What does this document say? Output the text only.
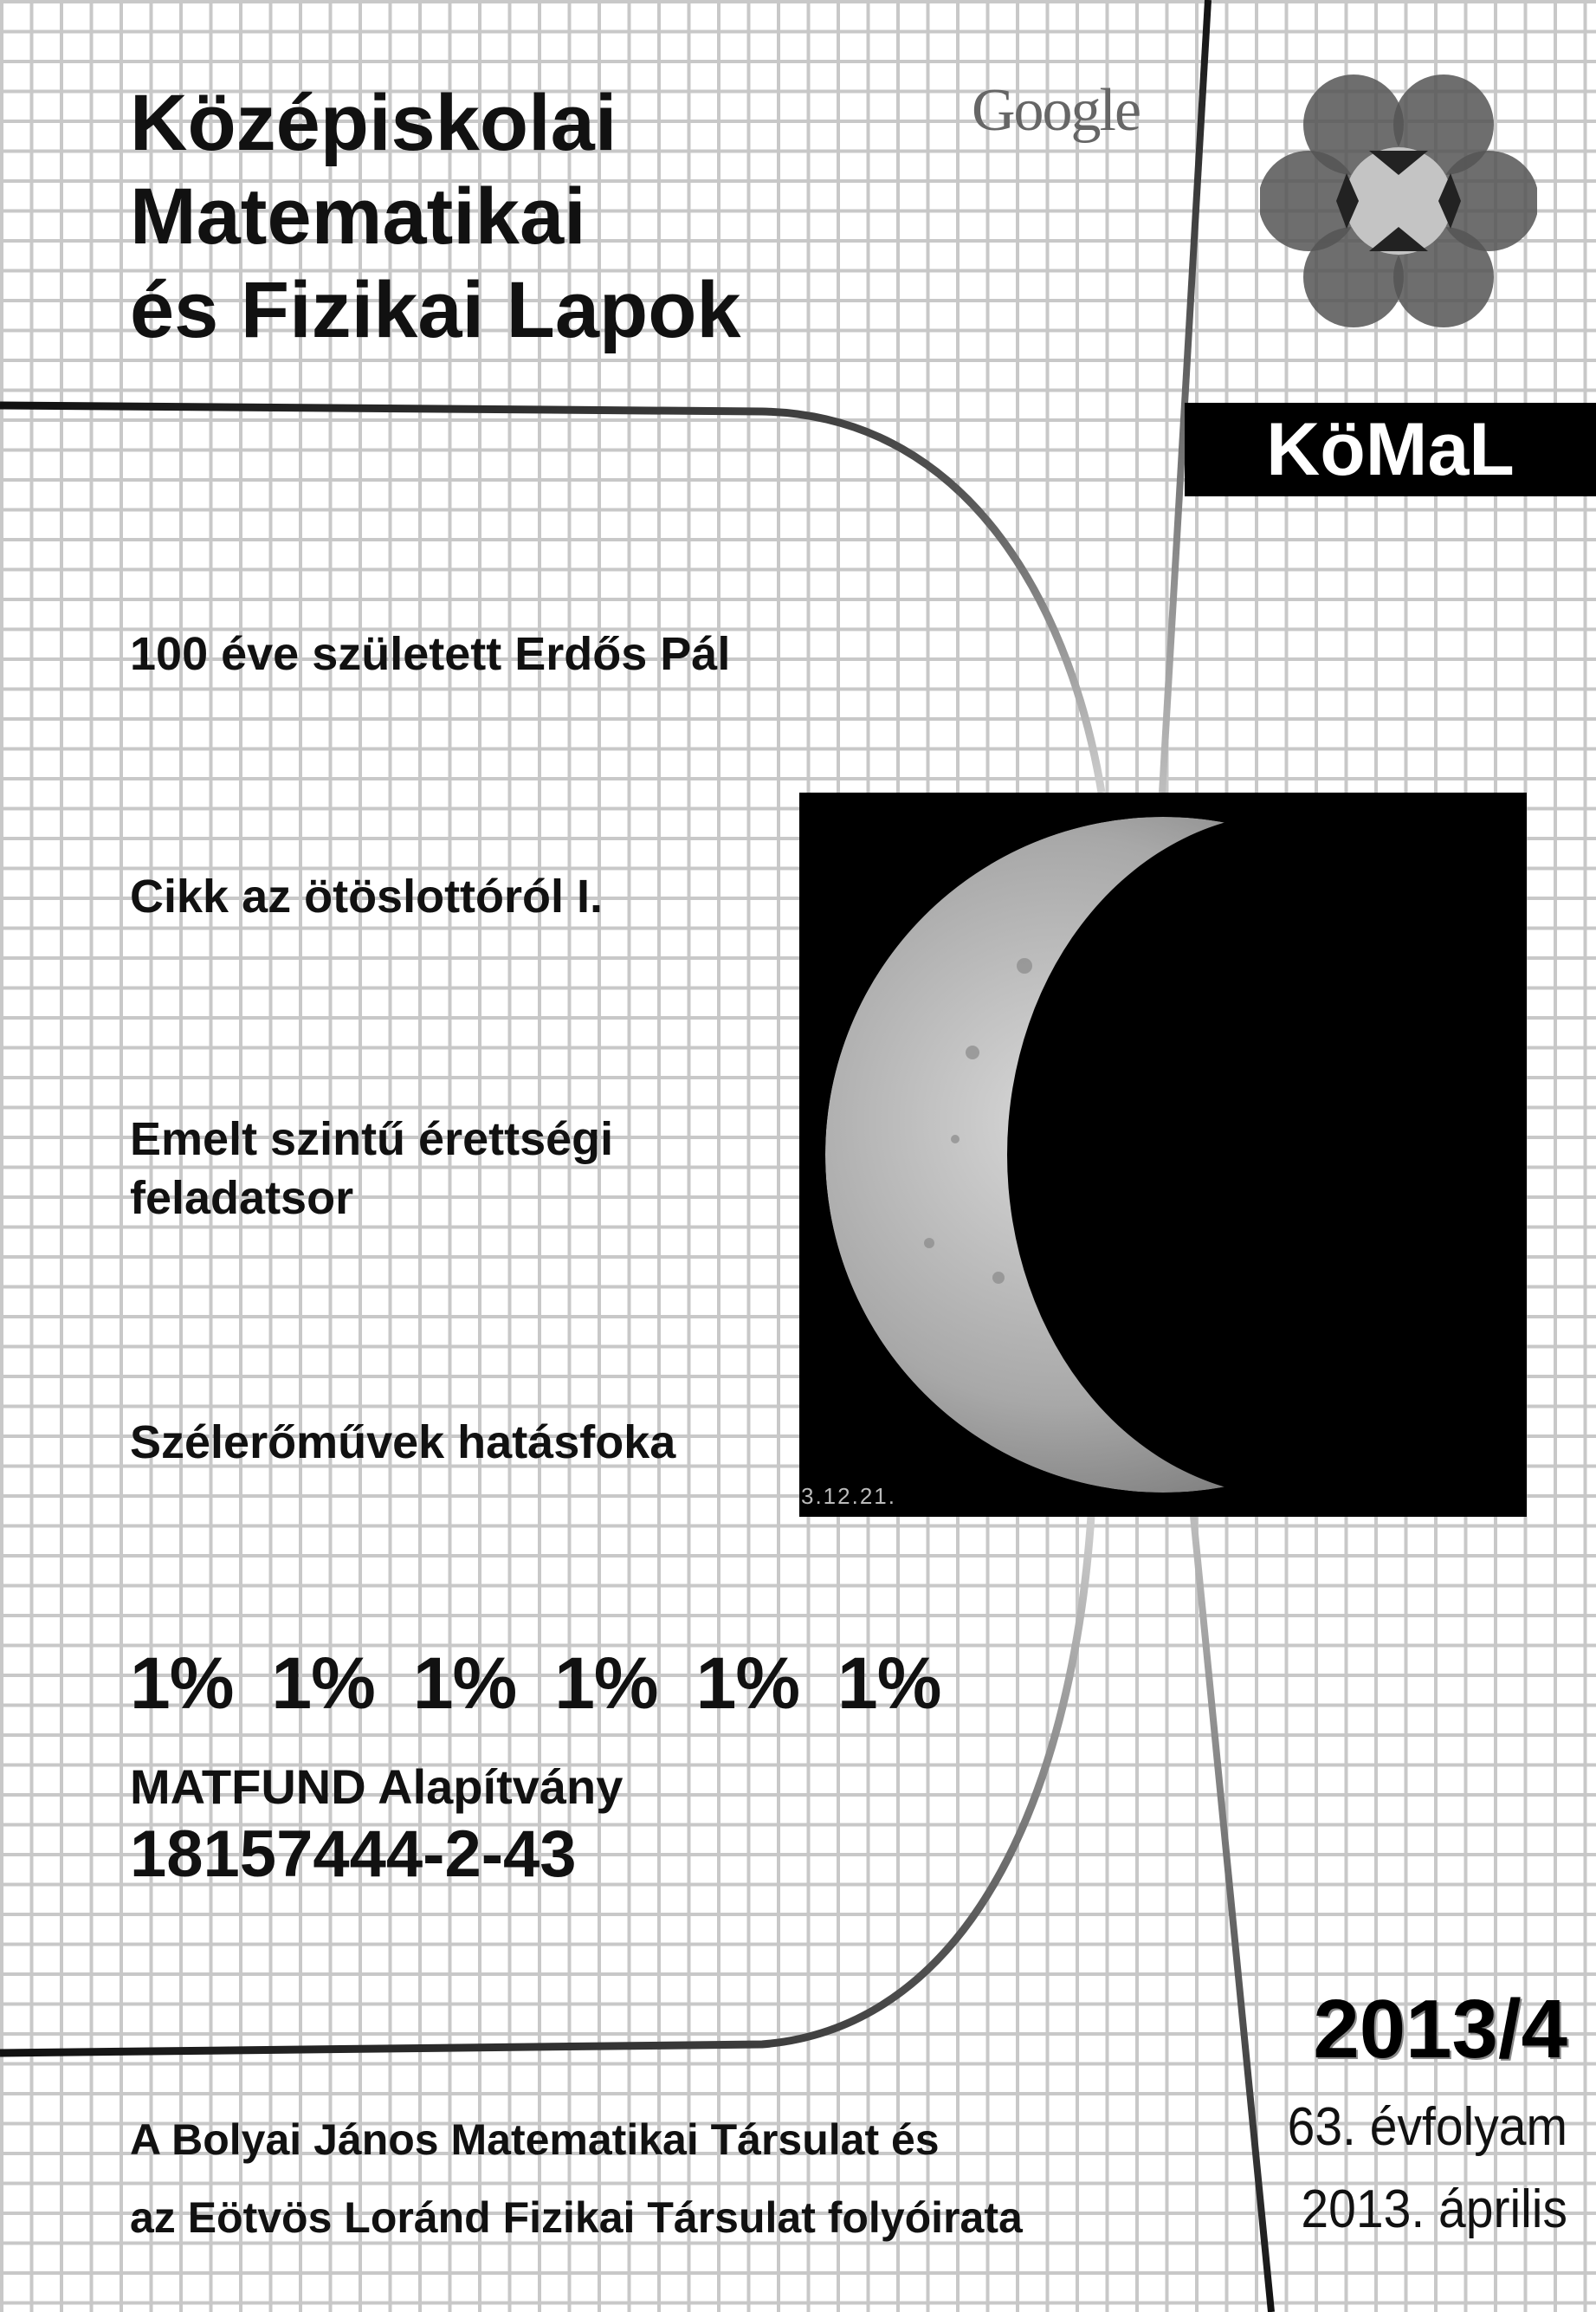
Középiskolai
Matematikai
és Fizikai Lapok
Google
KöMaL
100 éve született Erdős Pál
Cikk az ötöslottóról I.
Emelt szintű érettségi
feladatsor
Szélerőművek hatásfoka
3.12.21.
1% 1% 1% 1% 1% 1%
MATFUND Alapítvány
18157444-2-43
A Bolyai János Matematikai Társulat és
az Eötvös Loránd Fizikai Társulat folyóirata
2013/4
63. évfolyam
2013. április
